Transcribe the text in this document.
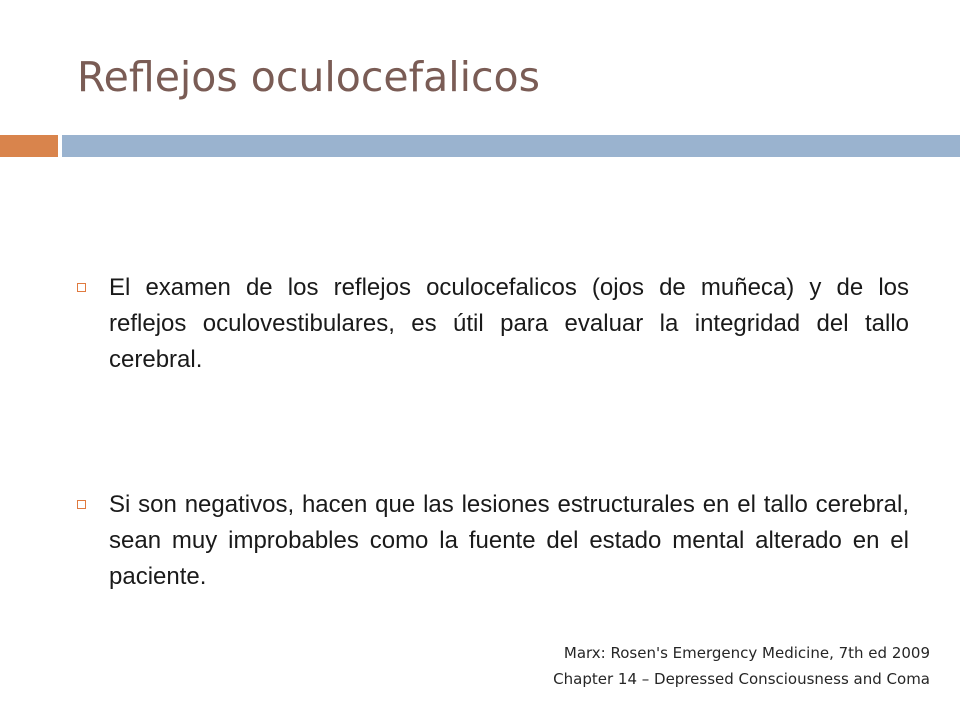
Reflejos oculocefalicos
El examen de los reflejos oculocefalicos (ojos de muñeca) y de los reflejos oculovestibulares, es útil para evaluar la integridad del tallo cerebral.
Si son negativos, hacen que las lesiones estructurales en el tallo cerebral, sean muy improbables como la fuente del estado mental alterado en el paciente.
Marx: Rosen's Emergency Medicine, 7th ed 2009
Chapter 14 – Depressed Consciousness and Coma
